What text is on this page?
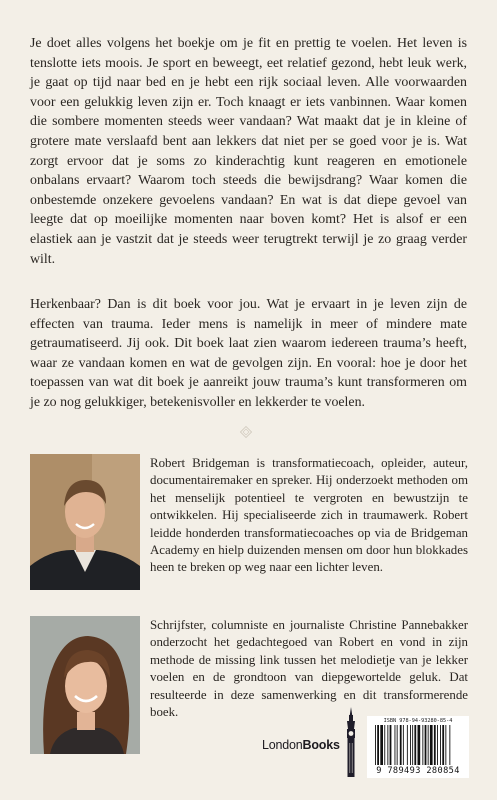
Je doet alles volgens het boekje om je fit en prettig te voelen. Het leven is tenslotte iets moois. Je sport en beweegt, eet relatief gezond, hebt leuk werk, je gaat op tijd naar bed en je hebt een rijk sociaal leven. Alle voorwaarden voor een gelukkig leven zijn er. Toch knaagt er iets vanbinnen. Waar komen die sombere momenten steeds weer vandaan? Wat maakt dat je in kleine of grotere mate verslaafd bent aan lekkers dat niet per se goed voor je is. Wat zorgt ervoor dat je soms zo kinderachtig kunt reageren en emotionele onbalans ervaart? Waarom toch steeds die bewijsdrang? Waar komen die onbestemde onzekere gevoelens vandaan? En wat is dat diepe gevoel van leegte dat op moeilijke momenten naar boven komt? Het is alsof er een elastiek aan je vastzit dat je steeds weer terugtrekt terwijl je zo graag verder wilt.

Herkenbaar? Dan is dit boek voor jou. Wat je ervaart in je leven zijn de effecten van trauma. Ieder mens is namelijk in meer of mindere mate getraumatiseerd. Jij ook. Dit boek laat zien waarom iedereen trauma’s heeft, waar ze vandaan komen en wat de gevolgen zijn. En vooral: hoe je door het toepassen van wat dit boek je aanreikt jouw trauma’s kunt transformeren om je zo nog gelukkiger, betekenisvoller en lekkerder te voelen.

Robert Bridgeman is transformatiecoach, opleider, auteur, documentairemaker en spreker. Hij onderzoekt methoden om het menselijk potentieel te vergroten en bewustzijn te ontwikkelen. Hij specialiseerde zich in traumawerk. Robert leidde honderden transformatiecoaches op via de Bridgeman Academy en hielp duizenden mensen om door hun blokkades heen te breken op weg naar een lichter leven.

Schrijfster, columniste en journaliste Christine Pannebakker onderzocht het gedachtegoed van Robert en vond in zijn methode de missing link tussen het melodietje van je lekker voelen en de grondtoon van diepgewortelde geluk. Dat resulteerde in deze samenwerking en dit transformerende boek.

LondonBooks
ISBN 978-94-93280-85-4
9 789493 280854
